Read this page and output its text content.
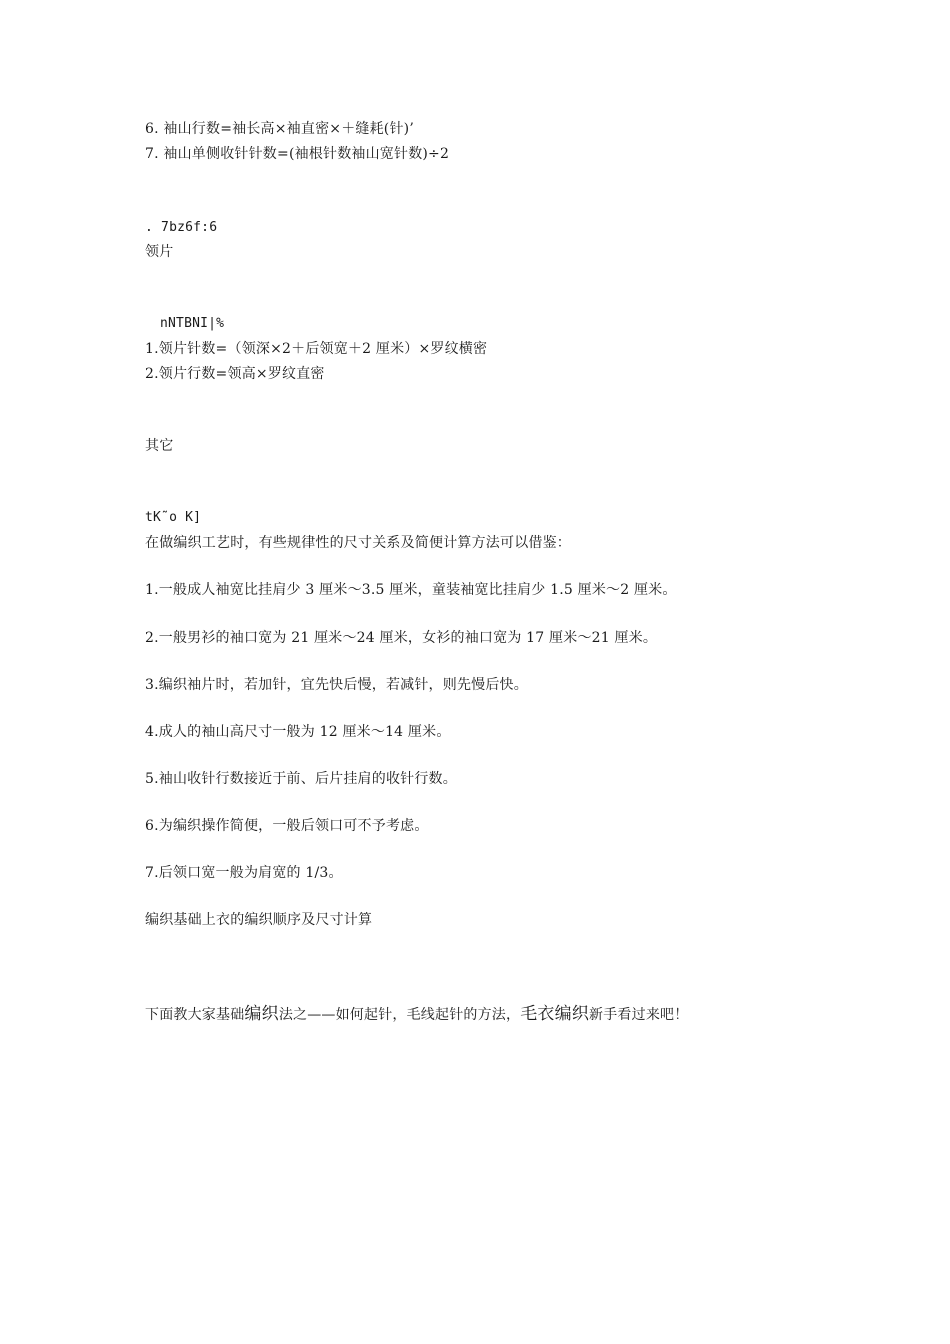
6. 袖山行数=袖长高×袖直密×＋缝耗(针)’
7. 袖山单侧收针针数=(袖根针数袖山宽针数)÷2
. 7bz6f:6
领片
nNTBNI|%
1.领片针数=（领深×2＋后领宽＋2 厘米）×罗纹横密
2.领片行数=领高×罗纹直密
其它
tK˜o K]
在做编织工艺时，有些规律性的尺寸关系及简便计算方法可以借鉴：
1.一般成人袖宽比挂肩少 3 厘米～3.5 厘米，童装袖宽比挂肩少 1.5 厘米～2 厘米。
2.一般男衫的袖口宽为 21 厘米～24 厘米，女衫的袖口宽为 17 厘米～21 厘米。
3.编织袖片时，若加针，宜先快后慢，若减针，则先慢后快。
4.成人的袖山高尺寸一般为 12 厘米～14 厘米。
5.袖山收针行数接近于前、后片挂肩的收针行数。
6.为编织操作简便，一般后领口可不予考虑。
7.后领口宽一般为肩宽的 1/3。
编织基础上衣的编织顺序及尺寸计算
下面教大家基础编织法之——如何起针，毛线起针的方法，毛衣编织新手看过来吧！
